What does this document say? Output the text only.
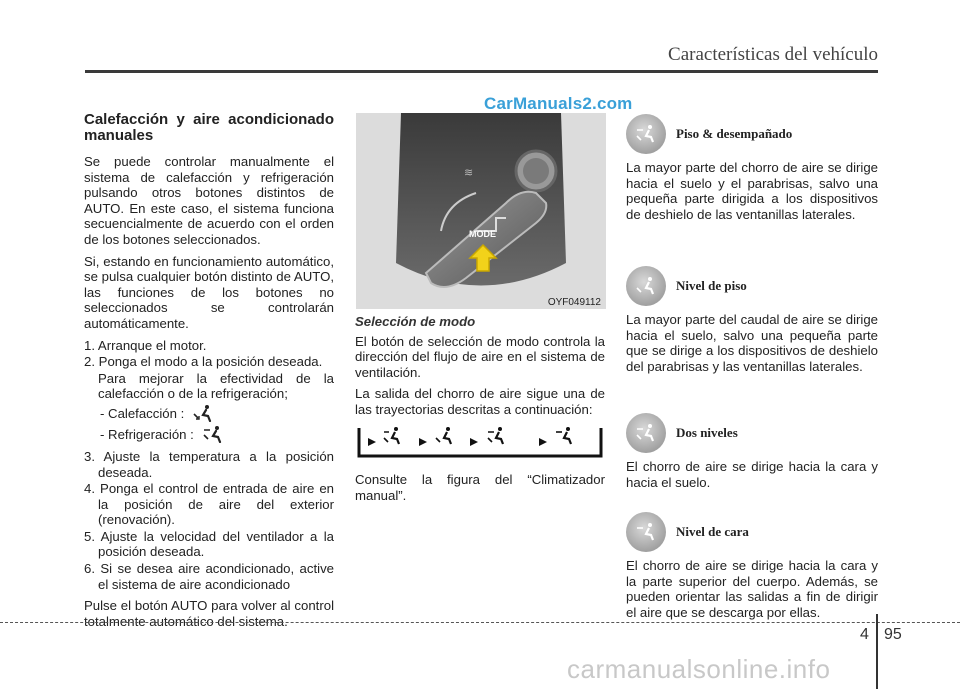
Características del vehículo
CarManuals2.com
Calefacción y aire acondicionado manuales

Se puede controlar manualmente el sistema de calefacción y refrigeración pulsando otros botones distintos de AUTO. En este caso, el sistema funciona secuencialmente de acuerdo con el orden de los botones seleccionados.

Si, estando en funcionamiento automático, se pulsa cualquier botón distinto de AUTO, las funciones de los botones no seleccionados se controlarán automáticamente.

1. Arranque el motor.
2. Ponga el modo a la posición deseada.
Para mejorar la efectividad de la calefacción o de la refrigeración;
- Calefacción :
- Refrigeración :
3. Ajuste la temperatura a la posición deseada.
4. Ponga el control de entrada de aire en la posición de aire del exterior (renovación).
5. Ajuste la velocidad del ventilador a la posición deseada.
6. Si se desea aire acondicionado, active el sistema de aire acondicionado

Pulse el botón AUTO para volver al control totalmente automático del sistema.

≋
MODE
OYF049112
Selección de modo

El botón de selección de modo controla la dirección del flujo de aire en el sistema de ventilación.

La salida del chorro de aire sigue una de las trayectorias descritas a continuación:

Consulte la figura del “Climatizador manual”.

Piso & desempañado
La mayor parte del chorro de aire se dirige hacia el suelo y el parabrisas, salvo una pequeña parte dirigida a los dispositivos de deshielo de las ventanillas laterales.
Nivel de piso
La mayor parte del caudal de aire se dirige hacia el suelo, salvo una pequeña parte que se dirige a los dispositivos de deshielo del parabrisas y las ventanillas laterales.
Dos niveles
El chorro de aire se dirige hacia la cara y hacia el suelo.
Nivel de cara
El chorro de aire se dirige hacia la cara y la parte superior del cuerpo. Además, se pueden orientar las salidas a fin de dirigir el aire que se descarga por ellas.
4 95
carmanualsonline.info
